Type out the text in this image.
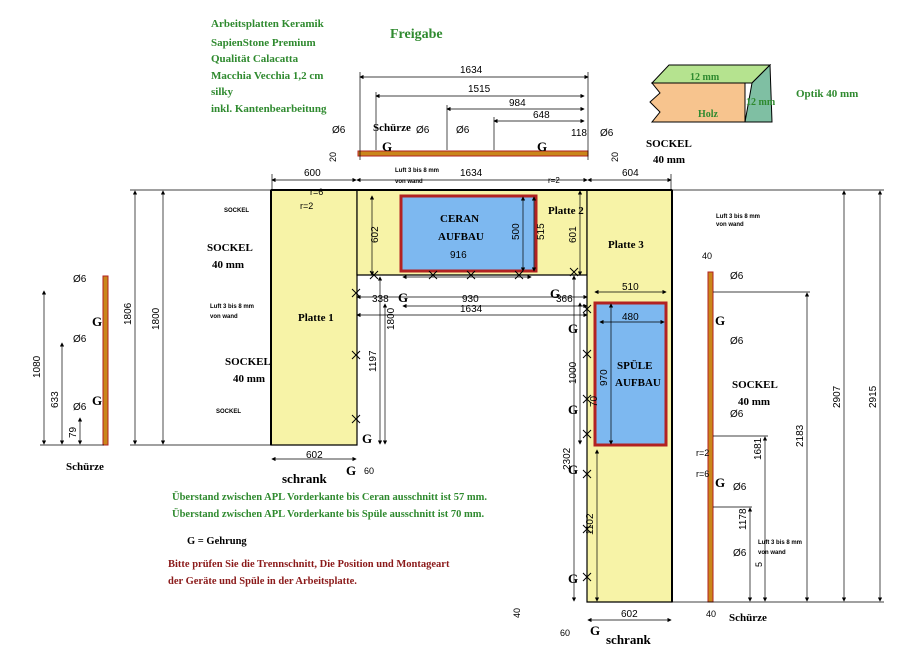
Freigabe
Arbeitsplatten Keramik
SapienStone Premium
Qualität Calacatta
Macchia Vecchia 1,2 cm
silky
inkl. Kantenbearbeitung
12 mm
12 mm
Holz
Optik 40 mm
1634
1515
984
648
118
600	1634	604
916
338	930
1634
366
510
480
602
602
40
40
60
60
Ø6
Ø6
Ø6
Ø6	Ø6	Ø6	Ø6
Ø6
Ø6
Ø6
Ø6
Ø6
r=6
r=2
r=2
r=6
r=2
1806 1800
1080
633
79
602
1197
1800
500 515 601
1000
2302
1102
970
70
20	20
40
2183
2907	2915
1681
1178
5
CERAN
AUFBAU
SPÜLE
AUFBAU
Platte 1
Platte 2
Platte 3
SOCKEL
40 mm
SOCKEL
40 mm
SOCKEL
40 mm
SOCKEL
40 mm
Schürze
Schürze
Schürze
schrank
schrank
SOCKEL
SOCKEL
Luft 3 bis 8 mm
von wand
Luft 3 bis 8 mm
von wand
Luft 3 bis 8 mm
von wand
Luft 3 bis 8 mm
von wand
G	G
G	G
G
G
G
G
G
G
G
G
G
G
G
Überstand zwischen APL Vorderkante bis Ceran ausschnitt ist 57 mm.
Überstand zwischen APL Vorderkante bis Spüle ausschnitt ist 70 mm.
G = Gehrung
Bitte prüfen Sie die Trennschnitt, Die Position und Montageart
der Geräte und Spüle in der Arbeitsplatte.
